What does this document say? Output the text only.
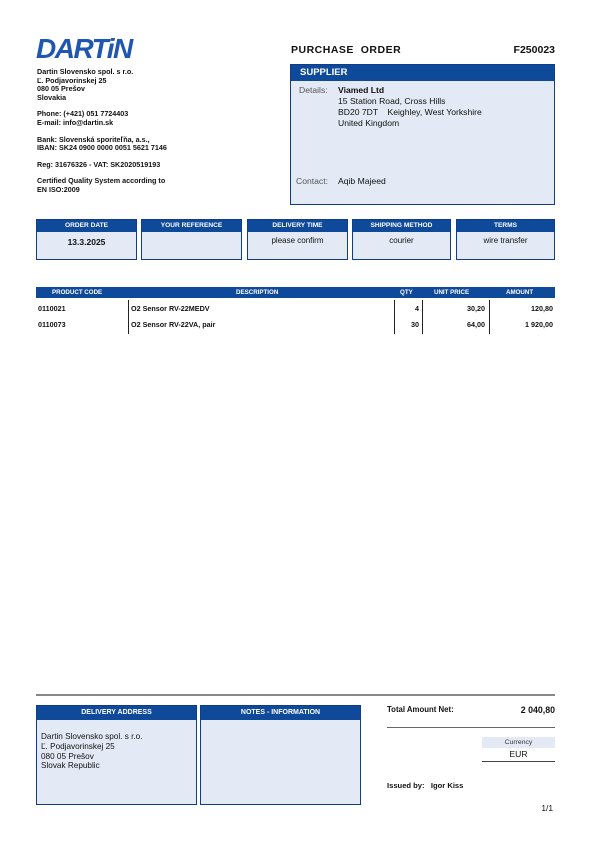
DARTiN
Dartin Slovensko spol. s r.o.
Ľ. Podjavorinskej 25
080 05 Prešov
Slovakia
Phone: (+421) 051 7724403
E-mail: info@dartin.sk
Bank: Slovenská sporiteľňa, a.s.,
IBAN: SK24 0900 0000 0051 5621 7146
Reg: 31676326 - VAT: SK2020519193
Certified Quality System according to
EN ISO:2009
PURCHASE  ORDER	F250023
SUPPLIER
Details: Viamed Ltd
15 Station Road, Cross Hills
BD20 7DT    Keighley, West Yorkshire
United Kingdom
Contact: Aqib Majeed
ORDER DATE
13.3.2025
YOUR REFERENCE	DELIVERY TIME
please confirm
SHIPPING METHOD
courier
TERMS
wire transfer
PRODUCT CODE	DESCRIPTION	QTY	UNIT PRICE	AMOUNT
0110021	O2 Sensor RV-22MEDV	4	30,20	120,80
0110073	O2 Sensor RV-22VA, pair	30	64,00	1 920,00
DELIVERY ADDRESS
Dartin Slovensko spol. s r.o.
Ľ. Podjavorinskej 25
080 05 Prešov
Slovak Republic
NOTES - INFORMATION	Total Amount Net:	2 040,80
Currency
EUR
Issued by:   Igor Kiss
1/1
